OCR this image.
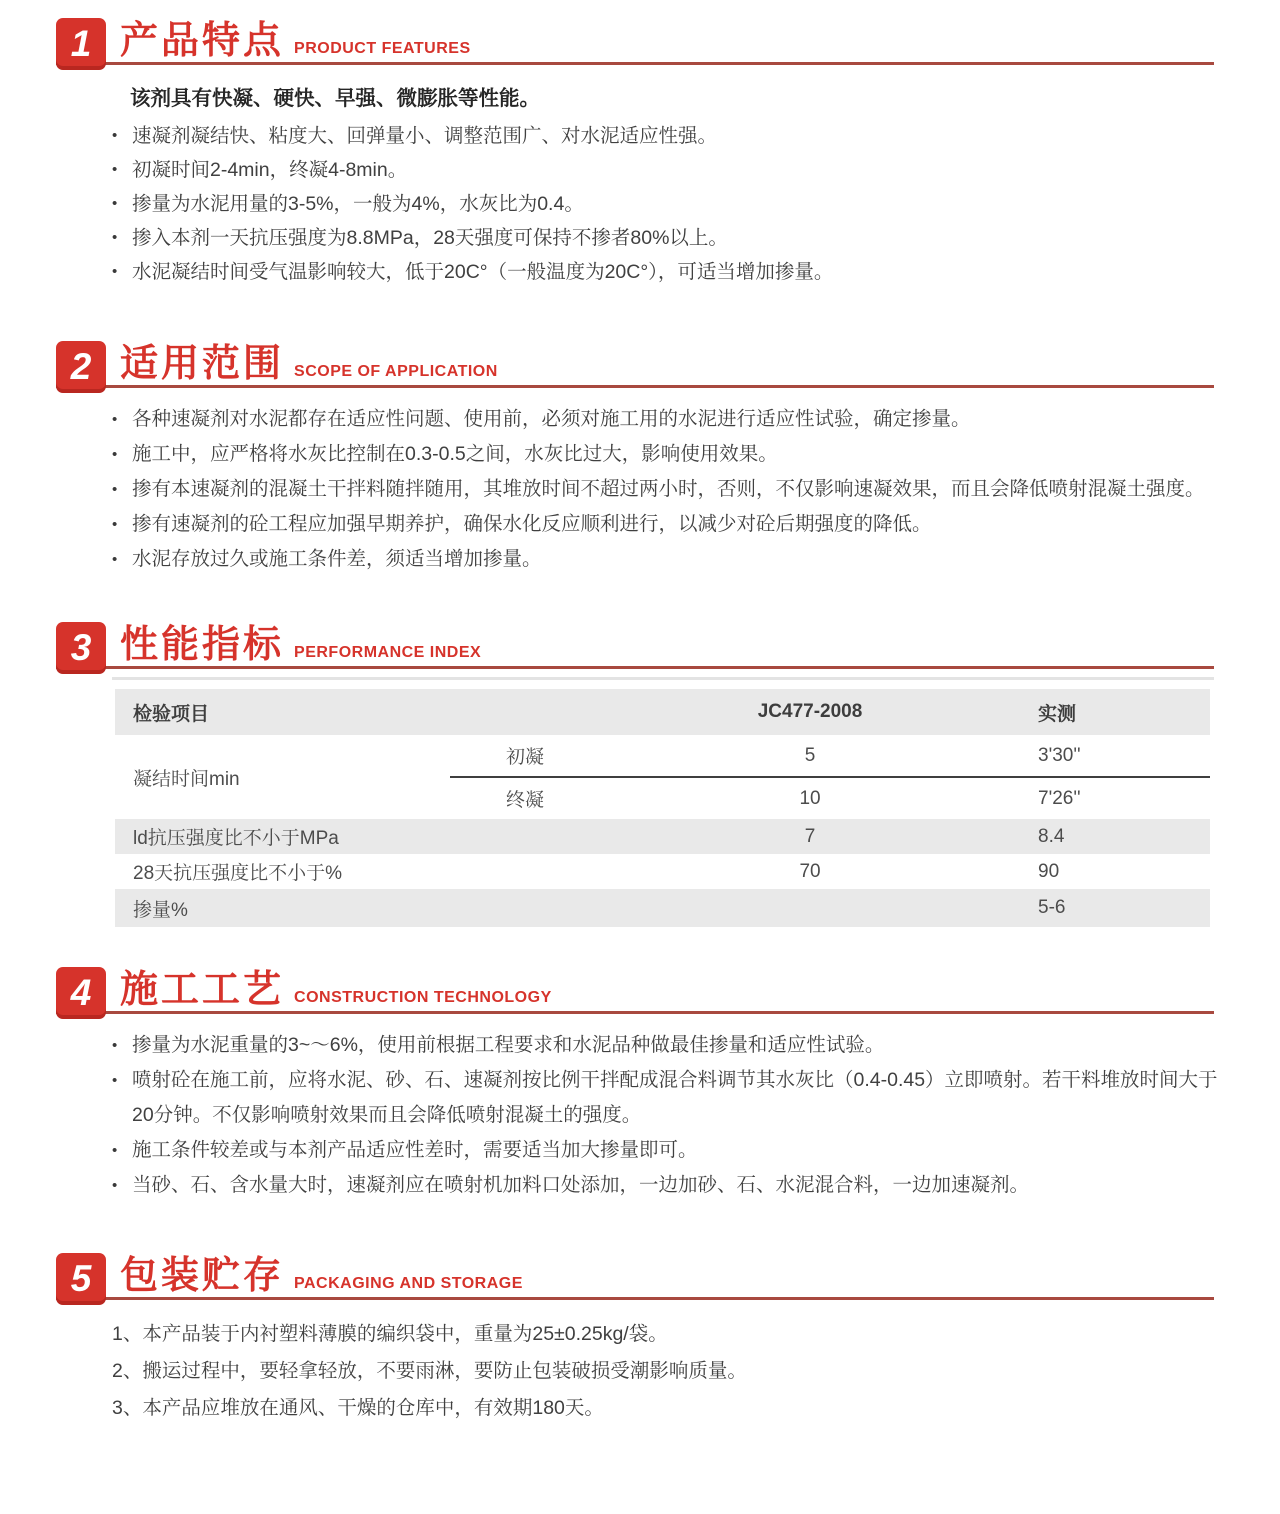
1 产品特点 PRODUCT FEATURES
该剂具有快凝、硬快、早强、微膨胀等性能。
• 速凝剂凝结快、粘度大、回弹量小、调整范围广、对水泥适应性强。
• 初凝时间2-4min，终凝4-8min。
• 掺量为水泥用量的3-5%，一般为4%，水灰比为0.4。
• 掺入本剂一天抗压强度为8.8MPa，28天强度可保持不掺者80%以上。
• 水泥凝结时间受气温影响较大，低于20C°（一般温度为20C°），可适当增加掺量。
2 适用范围 SCOPE OF APPLICATION
• 各种速凝剂对水泥都存在适应性问题、使用前，必须对施工用的水泥进行适应性试验，确定掺量。
• 施工中，应严格将水灰比控制在0.3-0.5之间，水灰比过大，影响使用效果。
• 掺有本速凝剂的混凝土干拌料随拌随用，其堆放时间不超过两小时，否则，不仅影响速凝效果，而且会降低喷射混凝土强度。
• 掺有速凝剂的砼工程应加强早期养护，确保水化反应顺利进行，以减少对砼后期强度的降低。
• 水泥存放过久或施工条件差，须适当增加掺量。
3 性能指标 PERFORMANCE INDEX
检验项目		JC477-2008	实测
凝结时间min	初凝	5	3'30''
	终凝	10	7'26''
ld抗压强度比不小于MPa		7	8.4
28天抗压强度比不小于%		70	90
掺量%			5-6
4 施工工艺 CONSTRUCTION TECHNOLOGY
• 掺量为水泥重量的3~～6%，使用前根据工程要求和水泥品种做最佳掺量和适应性试验。
• 喷射砼在施工前，应将水泥、砂、石、速凝剂按比例干拌配成混合料调节其水灰比（0.4-0.45）立即喷射。若干料堆放时间大于20分钟。不仅影响喷射效果而且会降低喷射混凝土的强度。
• 施工条件较差或与本剂产品适应性差时，需要适当加大掺量即可。
• 当砂、石、含水量大时，速凝剂应在喷射机加料口处添加，一边加砂、石、水泥混合料，一边加速凝剂。
5 包装贮存 PACKAGING AND STORAGE
1、本产品装于内衬塑料薄膜的编织袋中，重量为25±0.25kg/袋。
2、搬运过程中，要轻拿轻放，不要雨淋，要防止包装破损受潮影响质量。
3、本产品应堆放在通风、干燥的仓库中，有效期180天。
